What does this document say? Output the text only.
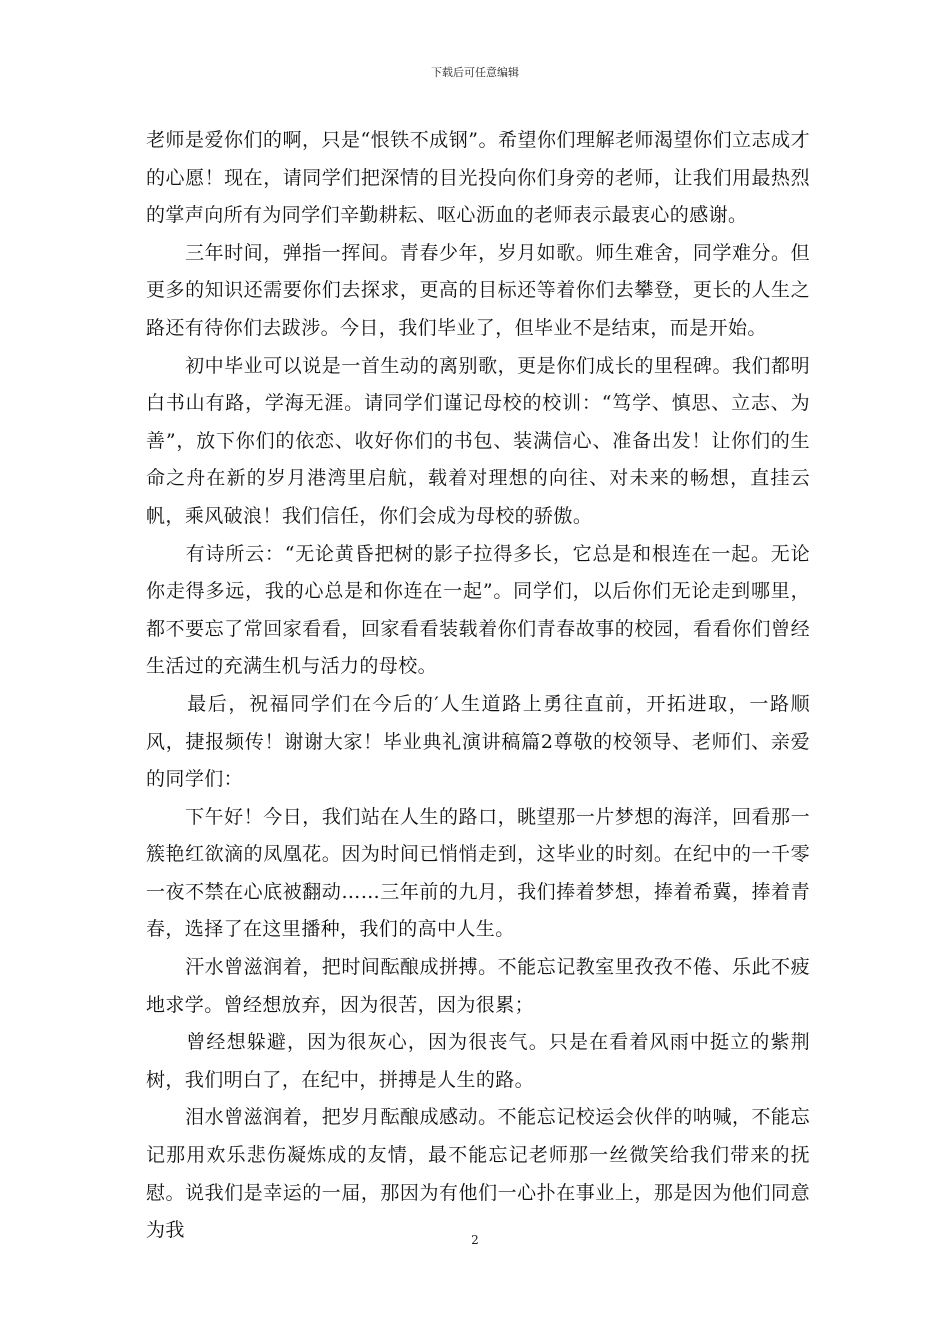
下载后可任意编辑

老师是爱你们的啊，只是“恨铁不成钢”。希望你们理解老师渴望你们立志成才的心愿！现在，请同学们把深情的目光投向你们身旁的老师，让我们用最热烈的掌声向所有为同学们辛勤耕耘、呕心沥血的老师表示最衷心的感谢。

　　三年时间，弹指一挥间。青春少年，岁月如歌。师生难舍，同学难分。但更多的知识还需要你们去探求，更高的目标还等着你们去攀登，更长的人生之路还有待你们去跋涉。今日，我们毕业了，但毕业不是结束，而是开始。

　　初中毕业可以说是一首生动的离别歌，更是你们成长的里程碑。我们都明白书山有路，学海无涯。请同学们谨记母校的校训：“笃学、慎思、立志、为善”，放下你们的依恋、收好你们的书包、装满信心、准备出发！让你们的生命之舟在新的岁月港湾里启航，载着对理想的向往、对未来的畅想，直挂云帆，乘风破浪！我们信任，你们会成为母校的骄傲。

　　有诗所云：“无论黄昏把树的影子拉得多长，它总是和根连在一起。无论你走得多远，我的心总是和你连在一起”。同学们，以后你们无论走到哪里，都不要忘了常回家看看，回家看看装载着你们青春故事的校园，看看你们曾经生活过的充满生机与活力的母校。

　　最后，祝福同学们在今后的′人生道路上勇往直前，开拓进取，一路顺风，捷报频传！谢谢大家！毕业典礼演讲稿篇2尊敬的校领导、老师们、亲爱的同学们：

　　下午好！今日，我们站在人生的路口，眺望那一片梦想的海洋，回看那一簇艳红欲滴的凤凰花。因为时间已悄悄走到，这毕业的时刻。在纪中的一千零一夜不禁在心底被翻动……三年前的九月，我们捧着梦想，捧着希冀，捧着青春，选择了在这里播种，我们的高中人生。

　　汗水曾滋润着，把时间酝酿成拼搏。不能忘记教室里孜孜不倦、乐此不疲地求学。曾经想放弃，因为很苦，因为很累；

　　曾经想躲避，因为很灰心，因为很丧气。只是在看着风雨中挺立的紫荆树，我们明白了，在纪中，拼搏是人生的路。

　　泪水曾滋润着，把岁月酝酿成感动。不能忘记校运会伙伴的呐喊，不能忘记那用欢乐悲伤凝炼成的友情，最不能忘记老师那一丝微笑给我们带来的抚慰。说我们是幸运的一届，那因为有他们一心扑在事业上，那是因为他们同意为我	2
